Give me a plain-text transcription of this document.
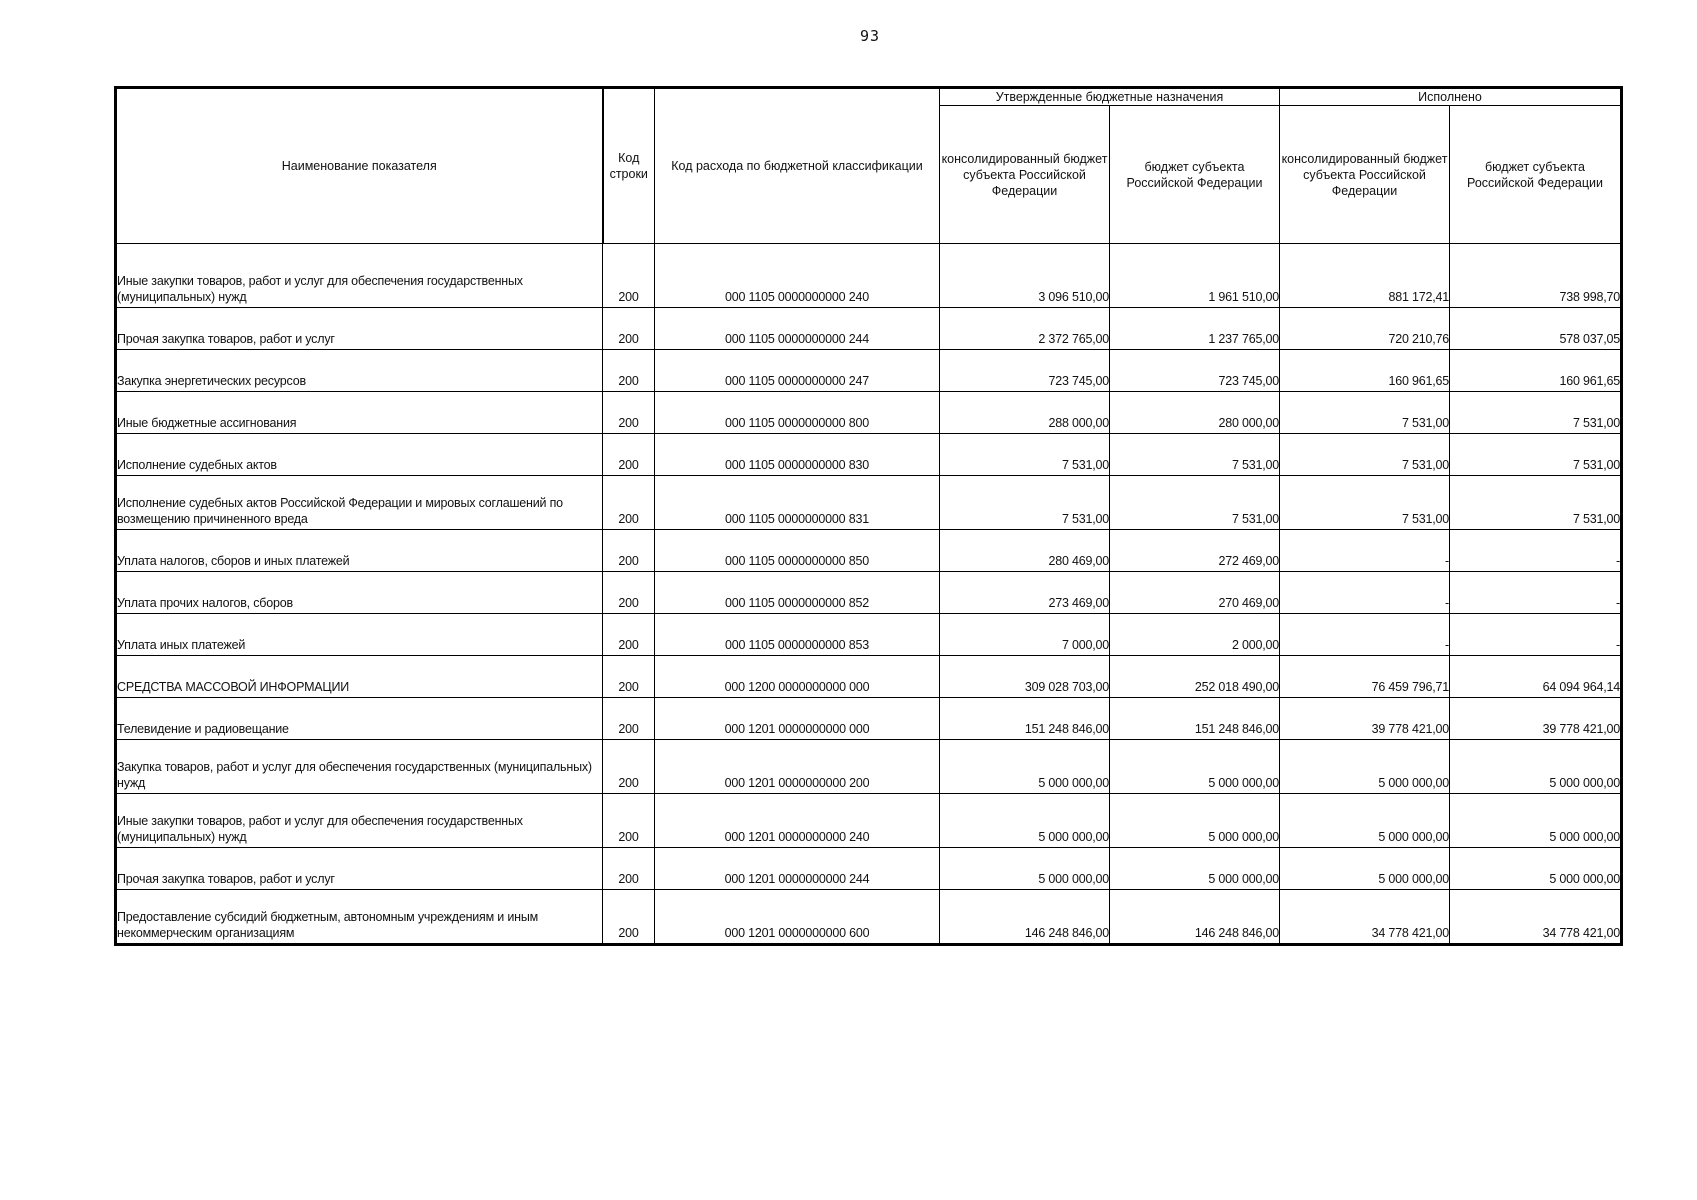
93
Наименование показателя	Код строки	Код расхода по бюджетной классификации	Утвержденные бюджетные назначения		Исполнено	
			консолидированный бюджет субъекта Российской Федерации	бюджет субъекта Российской Федерации	консолидированный бюджет субъекта Российской Федерации	бюджет субъекта Российской Федерации
Иные закупки товаров, работ и услуг для обеспечения государственных (муниципальных) нужд	200	000 1105 0000000000 240	3 096 510,00	1 961 510,00	881 172,41	738 998,70
Прочая закупка товаров, работ и услуг	200	000 1105 0000000000 244	2 372 765,00	1 237 765,00	720 210,76	578 037,05
Закупка энергетических ресурсов	200	000 1105 0000000000 247	723 745,00	723 745,00	160 961,65	160 961,65
Иные бюджетные ассигнования	200	000 1105 0000000000 800	288 000,00	280 000,00	7 531,00	7 531,00
Исполнение судебных актов	200	000 1105 0000000000 830	7 531,00	7 531,00	7 531,00	7 531,00
Исполнение судебных актов Российской Федерации и мировых соглашений по возмещению причиненного вреда	200	000 1105 0000000000 831	7 531,00	7 531,00	7 531,00	7 531,00
Уплата налогов, сборов и иных платежей	200	000 1105 0000000000 850	280 469,00	272 469,00	-	-
Уплата прочих налогов, сборов	200	000 1105 0000000000 852	273 469,00	270 469,00	-	-
Уплата иных платежей	200	000 1105 0000000000 853	7 000,00	2 000,00	-	-
СРЕДСТВА МАССОВОЙ ИНФОРМАЦИИ	200	000 1200 0000000000 000	309 028 703,00	252 018 490,00	76 459 796,71	64 094 964,14
Телевидение и радиовещание	200	000 1201 0000000000 000	151 248 846,00	151 248 846,00	39 778 421,00	39 778 421,00
Закупка товаров, работ и услуг для обеспечения государственных (муниципальных) нужд	200	000 1201 0000000000 200	5 000 000,00	5 000 000,00	5 000 000,00	5 000 000,00
Иные закупки товаров, работ и услуг для обеспечения государственных (муниципальных) нужд	200	000 1201 0000000000 240	5 000 000,00	5 000 000,00	5 000 000,00	5 000 000,00
Прочая закупка товаров, работ и услуг	200	000 1201 0000000000 244	5 000 000,00	5 000 000,00	5 000 000,00	5 000 000,00
Предоставление субсидий бюджетным, автономным учреждениям и иным некоммерческим организациям	200	000 1201 0000000000 600	146 248 846,00	146 248 846,00	34 778 421,00	34 778 421,00
